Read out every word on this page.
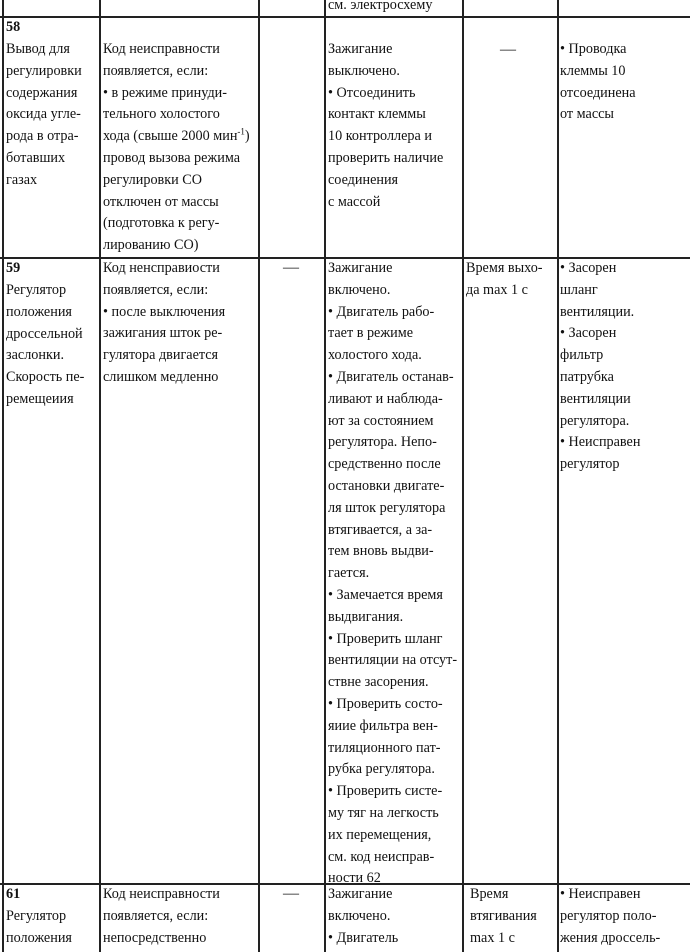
см. электросхему
58
Вывод для
регулировки
содержания
оксида угле-
рода в отра-
ботавших
газах
Код неисправности
появляется, если:
• в режиме принуди-
тельного холостого
хода (свыше 2000 мин$^{-1}$)
провод вызова режима
регулировки СО
отключен от массы
(подготовка к регу-
лированию СО)
Зажигание
выключено.
• Отсоединить
контакт клеммы
10 контроллера и
проверить наличие
соединения
с массой
—	• Проводка
клеммы 10
отсоединена
от массы
59
Регулятор
положения
дроссельной
заслонки.
Скорость пе-
ремещеиия
Код ненсправиости
появляется, если:
• после выключения
зажигания шток ре-
гулятора двигается
слишком медленно
— Зажигание
включено.
• Двигатель рабо-
тает в режиме
холостого хода.
• Двигатель останав-
ливают и наблюда-
ют за состоянием
регулятора. Непо-
средственно после
остановки двигате-
ля шток регулятора
втягивается, а за-
тем вновь выдви-
гается.
• Замечается время
выдвигания.
• Проверить шланг
вентиляции на отсут-
ствне засорения.
• Проверить состо-
яиие фильтра вен-
тиляционного пат-
рубка регулятора.
• Проверить систе-
му тяг на легкость
их перемещения,
см. код неисправ-
ности 62
Время выхо-
да max 1 с
• Засорен
шланг
вентиляции.
• Засорен
фильтр
патрубка
вентиляции
регулятора.
• Неисправен
регулятор
61
Регулятор
положения
Код неисправности
появляется, если:
непосредственно
— Зажигание
включено.
• Двигатель
Время
втягивания
max 1 с
• Неисправен
регулятор поло-
жения дроссель-
